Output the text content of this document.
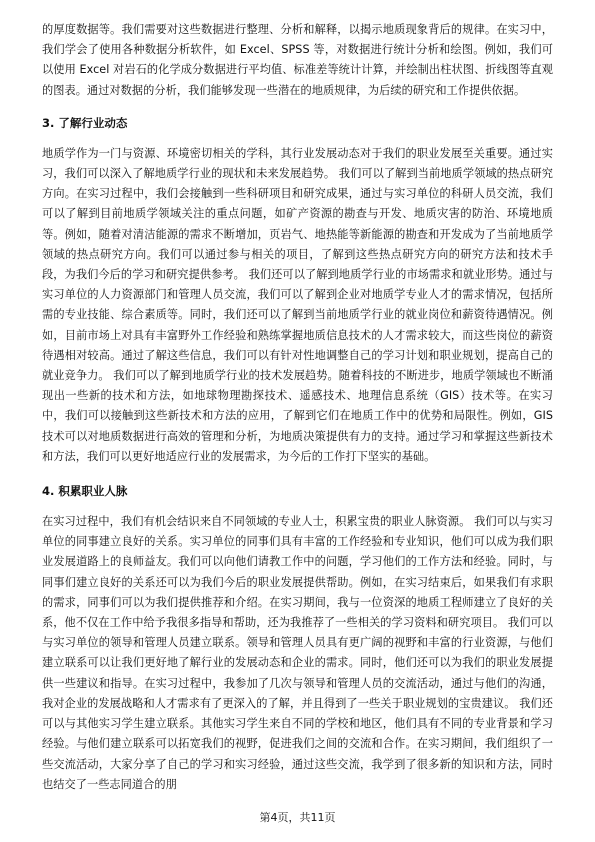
的厚度数据等。我们需要对这些数据进行整理、分析和解释，以揭示地质现象背后的规律。在实习中，我们学会了使用各种数据分析软件，如 Excel、SPSS 等，对数据进行统计分析和绘图。例如，我们可以使用 Excel 对岩石的化学成分数据进行平均值、标准差等统计计算，并绘制出柱状图、折线图等直观的图表。通过对数据的分析，我们能够发现一些潜在的地质规律，为后续的研究和工作提供依据。

3. 了解行业动态

地质学作为一门与资源、环境密切相关的学科，其行业发展动态对于我们的职业发展至关重要。通过实习，我们可以深入了解地质学行业的现状和未来发展趋势。 我们可以了解到当前地质学领域的热点研究方向。在实习过程中，我们会接触到一些科研项目和研究成果，通过与实习单位的科研人员交流，我们可以了解到目前地质学领域关注的重点问题，如矿产资源的勘查与开发、地质灾害的防治、环境地质等。例如，随着对清洁能源的需求不断增加，页岩气、地热能等新能源的勘查和开发成为了当前地质学领域的热点研究方向。我们可以通过参与相关的项目，了解到这些热点研究方向的研究方法和技术手段，为我们今后的学习和研究提供参考。 我们还可以了解到地质学行业的市场需求和就业形势。通过与实习单位的人力资源部门和管理人员交流，我们可以了解到企业对地质学专业人才的需求情况，包括所需的专业技能、综合素质等。同时，我们还可以了解到当前地质学行业的就业岗位和薪资待遇情况。例如，目前市场上对具有丰富野外工作经验和熟练掌握地质信息技术的人才需求较大，而这些岗位的薪资待遇相对较高。通过了解这些信息，我们可以有针对性地调整自己的学习计划和职业规划，提高自己的就业竞争力。 我们可以了解到地质学行业的技术发展趋势。随着科技的不断进步，地质学领域也不断涌现出一些新的技术和方法，如地球物理勘探技术、遥感技术、地理信息系统（GIS）技术等。在实习中，我们可以接触到这些新技术和方法的应用，了解到它们在地质工作中的优势和局限性。例如，GIS 技术可以对地质数据进行高效的管理和分析，为地质决策提供有力的支持。通过学习和掌握这些新技术和方法，我们可以更好地适应行业的发展需求，为今后的工作打下坚实的基础。

4. 积累职业人脉

在实习过程中，我们有机会结识来自不同领域的专业人士，积累宝贵的职业人脉资源。 我们可以与实习单位的同事建立良好的关系。实习单位的同事们具有丰富的工作经验和专业知识，他们可以成为我们职业发展道路上的良师益友。我们可以向他们请教工作中的问题，学习他们的工作方法和经验。同时，与同事们建立良好的关系还可以为我们今后的职业发展提供帮助。例如，在实习结束后，如果我们有求职的需求，同事们可以为我们提供推荐和介绍。在实习期间，我与一位资深的地质工程师建立了良好的关系，他不仅在工作中给予我很多指导和帮助，还为我推荐了一些相关的学习资料和研究项目。 我们可以与实习单位的领导和管理人员建立联系。领导和管理人员具有更广阔的视野和丰富的行业资源，与他们建立联系可以让我们更好地了解行业的发展动态和企业的需求。同时，他们还可以为我们的职业发展提供一些建议和指导。在实习过程中，我参加了几次与领导和管理人员的交流活动，通过与他们的沟通，我对企业的发展战略和人才需求有了更深入的了解，并且得到了一些关于职业规划的宝贵建议。 我们还可以与其他实习学生建立联系。其他实习学生来自不同的学校和地区，他们具有不同的专业背景和学习经验。与他们建立联系可以拓宽我们的视野，促进我们之间的交流和合作。在实习期间，我们组织了一些交流活动，大家分享了自己的学习和实习经验，通过这些交流，我学到了很多新的知识和方法，同时也结交了一些志同道合的朋

第4页，共11页
